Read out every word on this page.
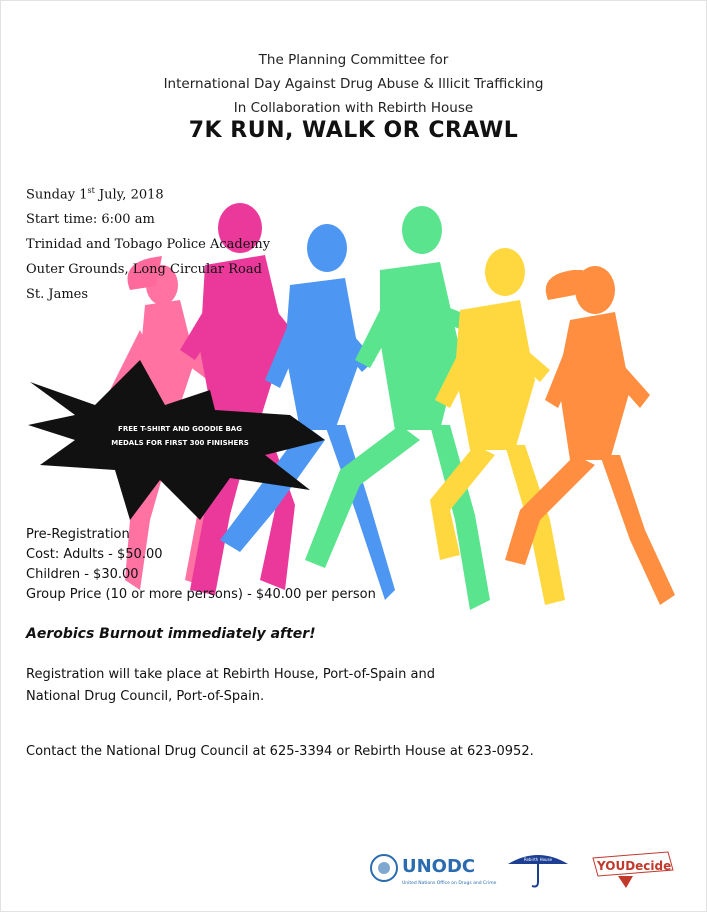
FREE T-SHIRT AND GOODIE BAG
MEDALS FOR FIRST 300 FINISHERS
The Planning Committee for
International Day Against Drug Abuse & Illicit Trafficking
In Collaboration with Rebirth House
7K RUN, WALK OR CRAWL
Sunday 1st July, 2018
Start time: 6:00 am
Trinidad and Tobago Police Academy
Outer Grounds, Long Circular Road
St. James
Pre-Registration
Cost: Adults - $50.00
Children - $30.00
Group Price (10 or more persons) - $40.00 per person
Aerobics Burnout immediately after!
Registration will take place at Rebirth House, Port-of-Spain and
National Drug Council, Port-of-Spain.
Contact the National Drug Council at 625-3394 or Rebirth House at 623-0952.
UNODC
United Nations Office on Drugs and Crime
Rebirth House	YOUDecide
